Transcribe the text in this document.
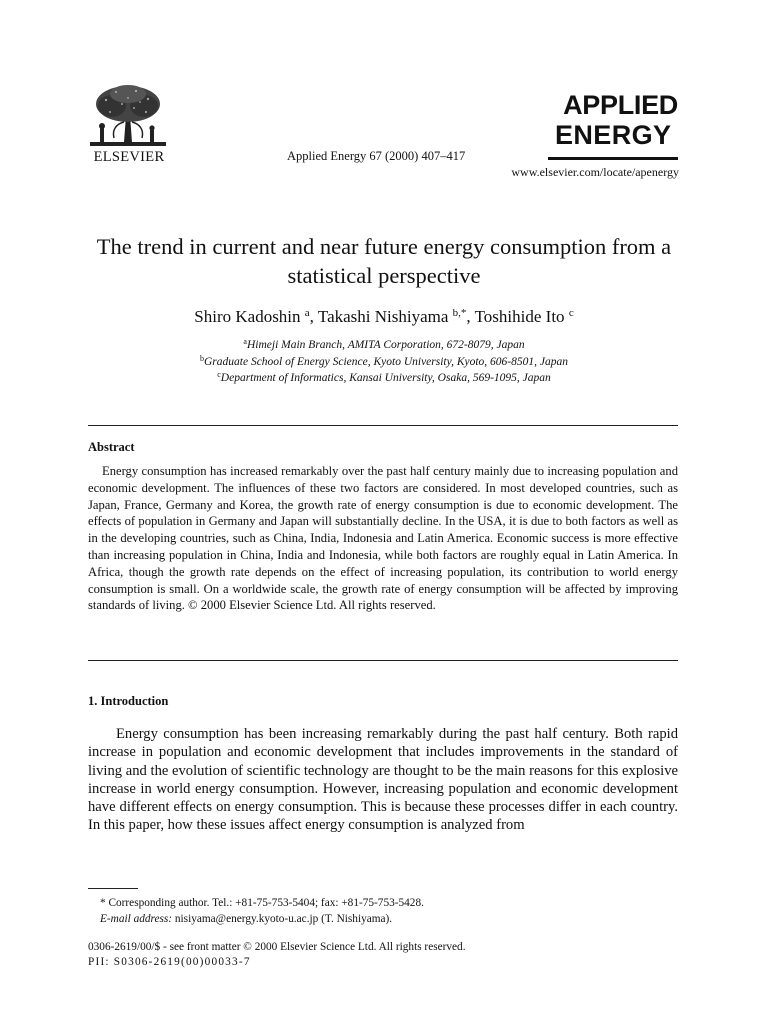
ELSEVIER	Applied Energy 67 (2000) 407–417
APPLIED
ENERGY
www.elsevier.com/locate/apenergy
The trend in current and near future energy consumption from a statistical perspective
Shiro Kadoshin $^a$, Takashi Nishiyama $^{b,*}$, Toshihide Ito $^c$
$^a$Himeji Main Branch, AMITA Corporation, 672-8079, Japan
$^b$Graduate School of Energy Science, Kyoto University, Kyoto, 606-8501, Japan
$^c$Department of Informatics, Kansai University, Osaka, 569-1095, Japan
Abstract
Energy consumption has increased remarkably over the past half century mainly due to increasing population and economic development. The influences of these two factors are considered. In most developed countries, such as Japan, France, Germany and Korea, the growth rate of energy consumption is due to economic development. The effects of population in Germany and Japan will substantially decline. In the USA, it is due to both factors as well as in the developing countries, such as China, India, Indonesia and Latin America. Economic success is more effective than increasing population in China, India and Indonesia, while both factors are roughly equal in Latin America. In Africa, though the growth rate depends on the effect of increasing population, its contribution to world energy consumption is small. On a worldwide scale, the growth rate of energy consumption will be affected by improving standards of living. © 2000 Elsevier Science Ltd. All rights reserved.
1. Introduction
Energy consumption has been increasing remarkably during the past half century. Both rapid increase in population and economic development that includes improvements in the standard of living and the evolution of scientific technology are thought to be the main reasons for this explosive increase in world energy consumption. However, increasing population and economic development have different effects on energy consumption. This is because these processes differ in each country. In this paper, how these issues affect energy consumption is analyzed from
* Corresponding author. Tel.: +81-75-753-5404; fax: +81-75-753-5428.
E-mail address: nisiyama@energy.kyoto-u.ac.jp (T. Nishiyama).
0306-2619/00/$ - see front matter © 2000 Elsevier Science Ltd. All rights reserved.
PII: S0306-2619(00)00033-7
